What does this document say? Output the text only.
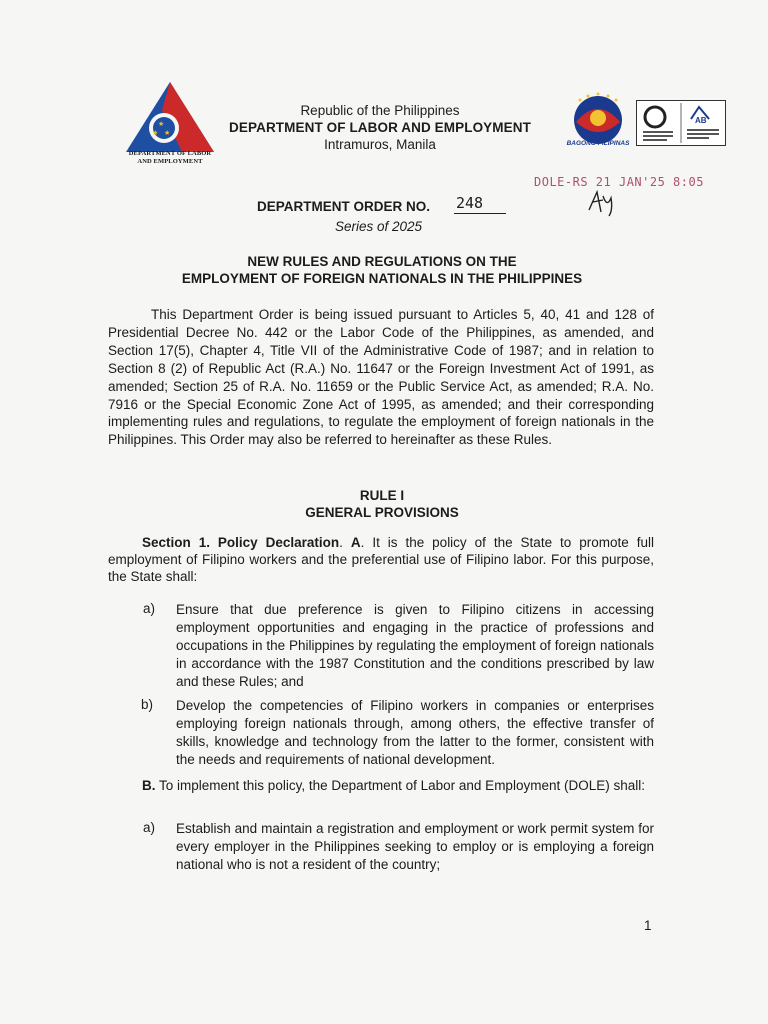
★
★ ★
DEPARTMENT OF LABOR
AND EMPLOYMENT
Republic of the Philippines
DEPARTMENT OF LABOR AND EMPLOYMENT
Intramuros, Manila	BAGONG PILIPINAS
AB
DOLE-RS 21 JAN'25 8:05
DEPARTMENT ORDER NO. 248
Series of 2025
NEW RULES AND REGULATIONS ON THE
EMPLOYMENT OF FOREIGN NATIONALS IN THE PHILIPPINES
This Department Order is being issued pursuant to Articles 5, 40, 41 and 128 of Presidential Decree No. 442 or the Labor Code of the Philippines, as amended, and Section 17(5), Chapter 4, Title VII of the Administrative Code of 1987; and in relation to Section 8 (2) of Republic Act (R.A.) No. 11647 or the Foreign Investment Act of 1991, as amended; Section 25 of R.A. No. 11659 or the Public Service Act, as amended; R.A. No. 7916 or the Special Economic Zone Act of 1995, as amended; and their corresponding implementing rules and regulations, to regulate the employment of foreign nationals in the Philippines. This Order may also be referred to hereinafter as these Rules.
RULE I
GENERAL PROVISIONS
Section 1. Policy Declaration. A. It is the policy of the State to promote full employment of Filipino workers and the preferential use of Filipino labor. For this purpose, the State shall:
a) Ensure that due preference is given to Filipino citizens in accessing employment opportunities and engaging in the practice of professions and occupations in the Philippines by regulating the employment of foreign nationals in accordance with the 1987 Constitution and the conditions prescribed by law and these Rules; and
b) Develop the competencies of Filipino workers in companies or enterprises employing foreign nationals through, among others, the effective transfer of skills, knowledge and technology from the latter to the former, consistent with the needs and requirements of national development.
B. To implement this policy, the Department of Labor and Employment (DOLE) shall:
a) Establish and maintain a registration and employment or work permit system for every employer in the Philippines seeking to employ or is employing a foreign national who is not a resident of the country;
1
